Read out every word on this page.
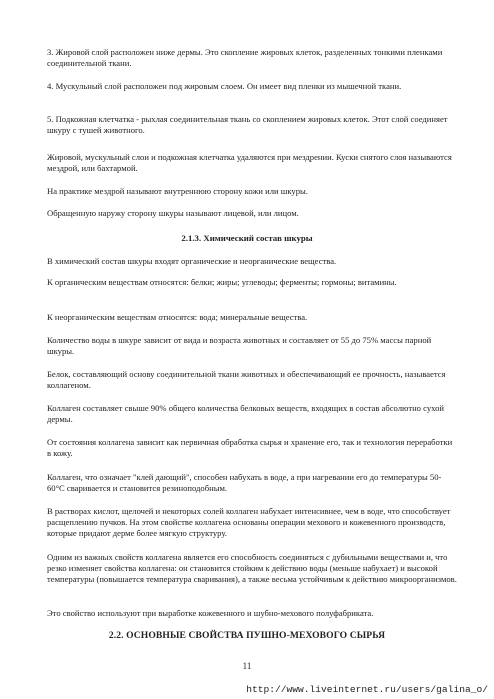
3. Жировой слой расположен ниже дермы. Это скопление жировых клеток, разделенных тонкими пленками соединительной ткани.

4. Мускульный слой расположен под жировым слоем. Он имеет вид пленки из мышечной ткани.

5. Подкожная клетчатка - рыхлая соединительная ткань со скоплением жировых клеток. Этот слой соединяет шкуру с тушей животного.

Жировой, мускульный слои и подкожная клетчатка удаляются при мездрении. Куски снятого слоя называются мездрой, или бахтармой.

На практике мездрой называют внутреннюю сторону кожи или шкуры.

Обращенную наружу сторону шкуры называют лицевой, или лицом.

2.1.3. Химический состав шкуры

В химический состав шкуры входят органические и неорганические вещества.

К органическим веществам относятся: белки; жиры; углеводы; ферменты; гормоны; витамины.

К неорганическим веществам относятся: вода; минеральные вещества.

Количество воды в шкуре зависит от вида и возраста животных и составляет от 55 до 75% массы парной шкуры.

Белок, составляющий основу соединительной ткани животных и обеспечивающий ее прочность, называется коллагеном.

Коллаген составляет свыше 90% общего количества белковых веществ, входящих в состав абсолютно сухой дермы.

От состояния коллагена зависит как первичная обработка сырья и хранение его, так и технология переработки в кожу.

Коллаген, что означает "клей дающий", способен набухать в воде, а при нагревании его до температуры 50-60°С сваривается и становится резиноподобным.

В растворах кислот, щелочей и некоторых солей коллаген набухает интенсивнее, чем в воде, что способствует расщеплению пучков. На этом свойстве коллагена основаны операции мехового и кожевенного производств, которые придают дерме более мягкую структуру.

Одним из важных свойств коллагена является его способность соединяться с дубильными веществами и, что резко изменяет свойства коллагена: он становится стойким к действию воды (меньше набухает) и высокой температуры (повышается температура сваривания), а также весьма устойчивым к действию микроорганизмов.

Это свойство используют при выработке кожевенного и шубно-мехового полуфабриката.

2.2. ОСНОВНЫЕ СВОЙСТВА ПУШНО-МЕХОВОГО СЫРЬЯ

11
http://www.liveinternet.ru/users/galina_o/
